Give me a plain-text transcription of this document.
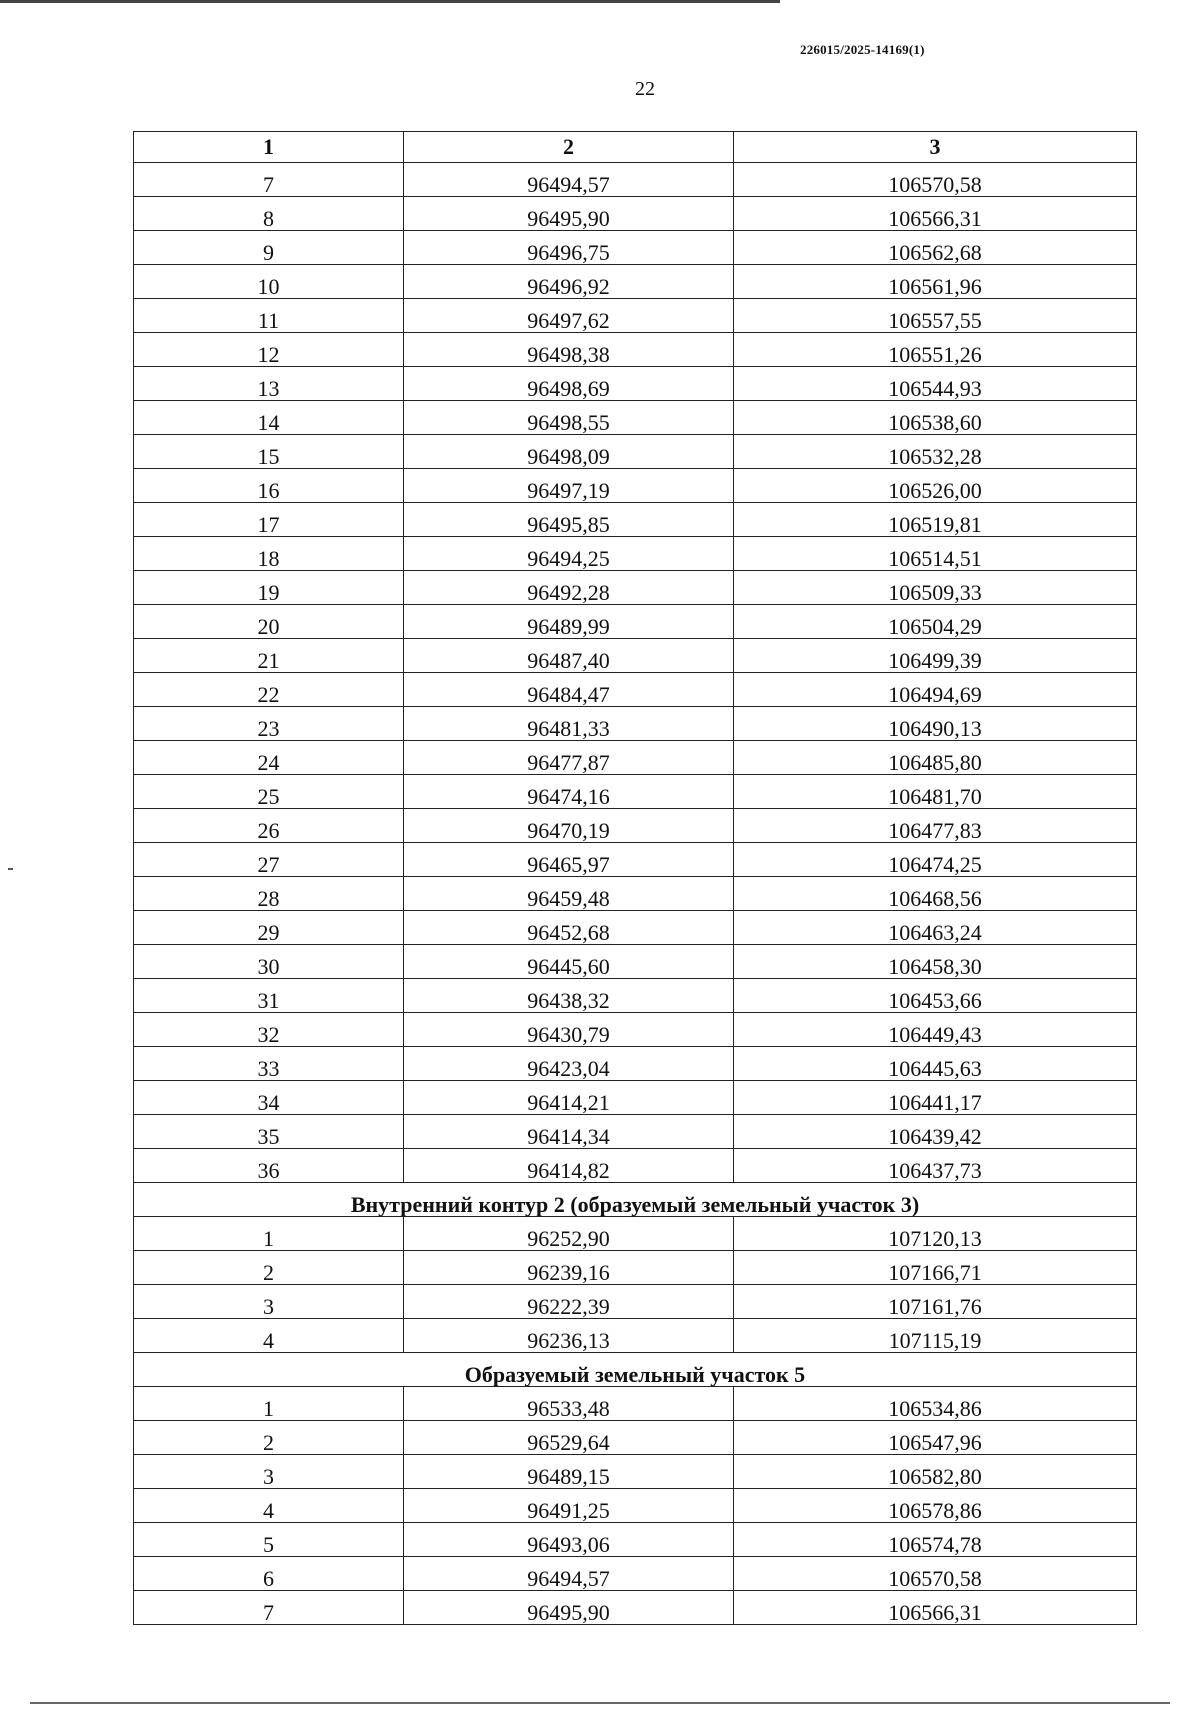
226015/2025-14169(1)
22
1	2	3
7	96494,57	106570,58
8	96495,90	106566,31
9	96496,75	106562,68
10	96496,92	106561,96
11	96497,62	106557,55
12	96498,38	106551,26
13	96498,69	106544,93
14	96498,55	106538,60
15	96498,09	106532,28
16	96497,19	106526,00
17	96495,85	106519,81
18	96494,25	106514,51
19	96492,28	106509,33
20	96489,99	106504,29
21	96487,40	106499,39
22	96484,47	106494,69
23	96481,33	106490,13
24	96477,87	106485,80
25	96474,16	106481,70
26	96470,19	106477,83
27	96465,97	106474,25
28	96459,48	106468,56
29	96452,68	106463,24
30	96445,60	106458,30
31	96438,32	106453,66
32	96430,79	106449,43
33	96423,04	106445,63
34	96414,21	106441,17
35	96414,34	106439,42
36	96414,82	106437,73
Внутренний контур 2 (образуемый земельный участок 3)		
1	96252,90	107120,13
2	96239,16	107166,71
3	96222,39	107161,76
4	96236,13	107115,19
Образуемый земельный участок 5		
1	96533,48	106534,86
2	96529,64	106547,96
3	96489,15	106582,80
4	96491,25	106578,86
5	96493,06	106574,78
6	96494,57	106570,58
7	96495,90	106566,31
